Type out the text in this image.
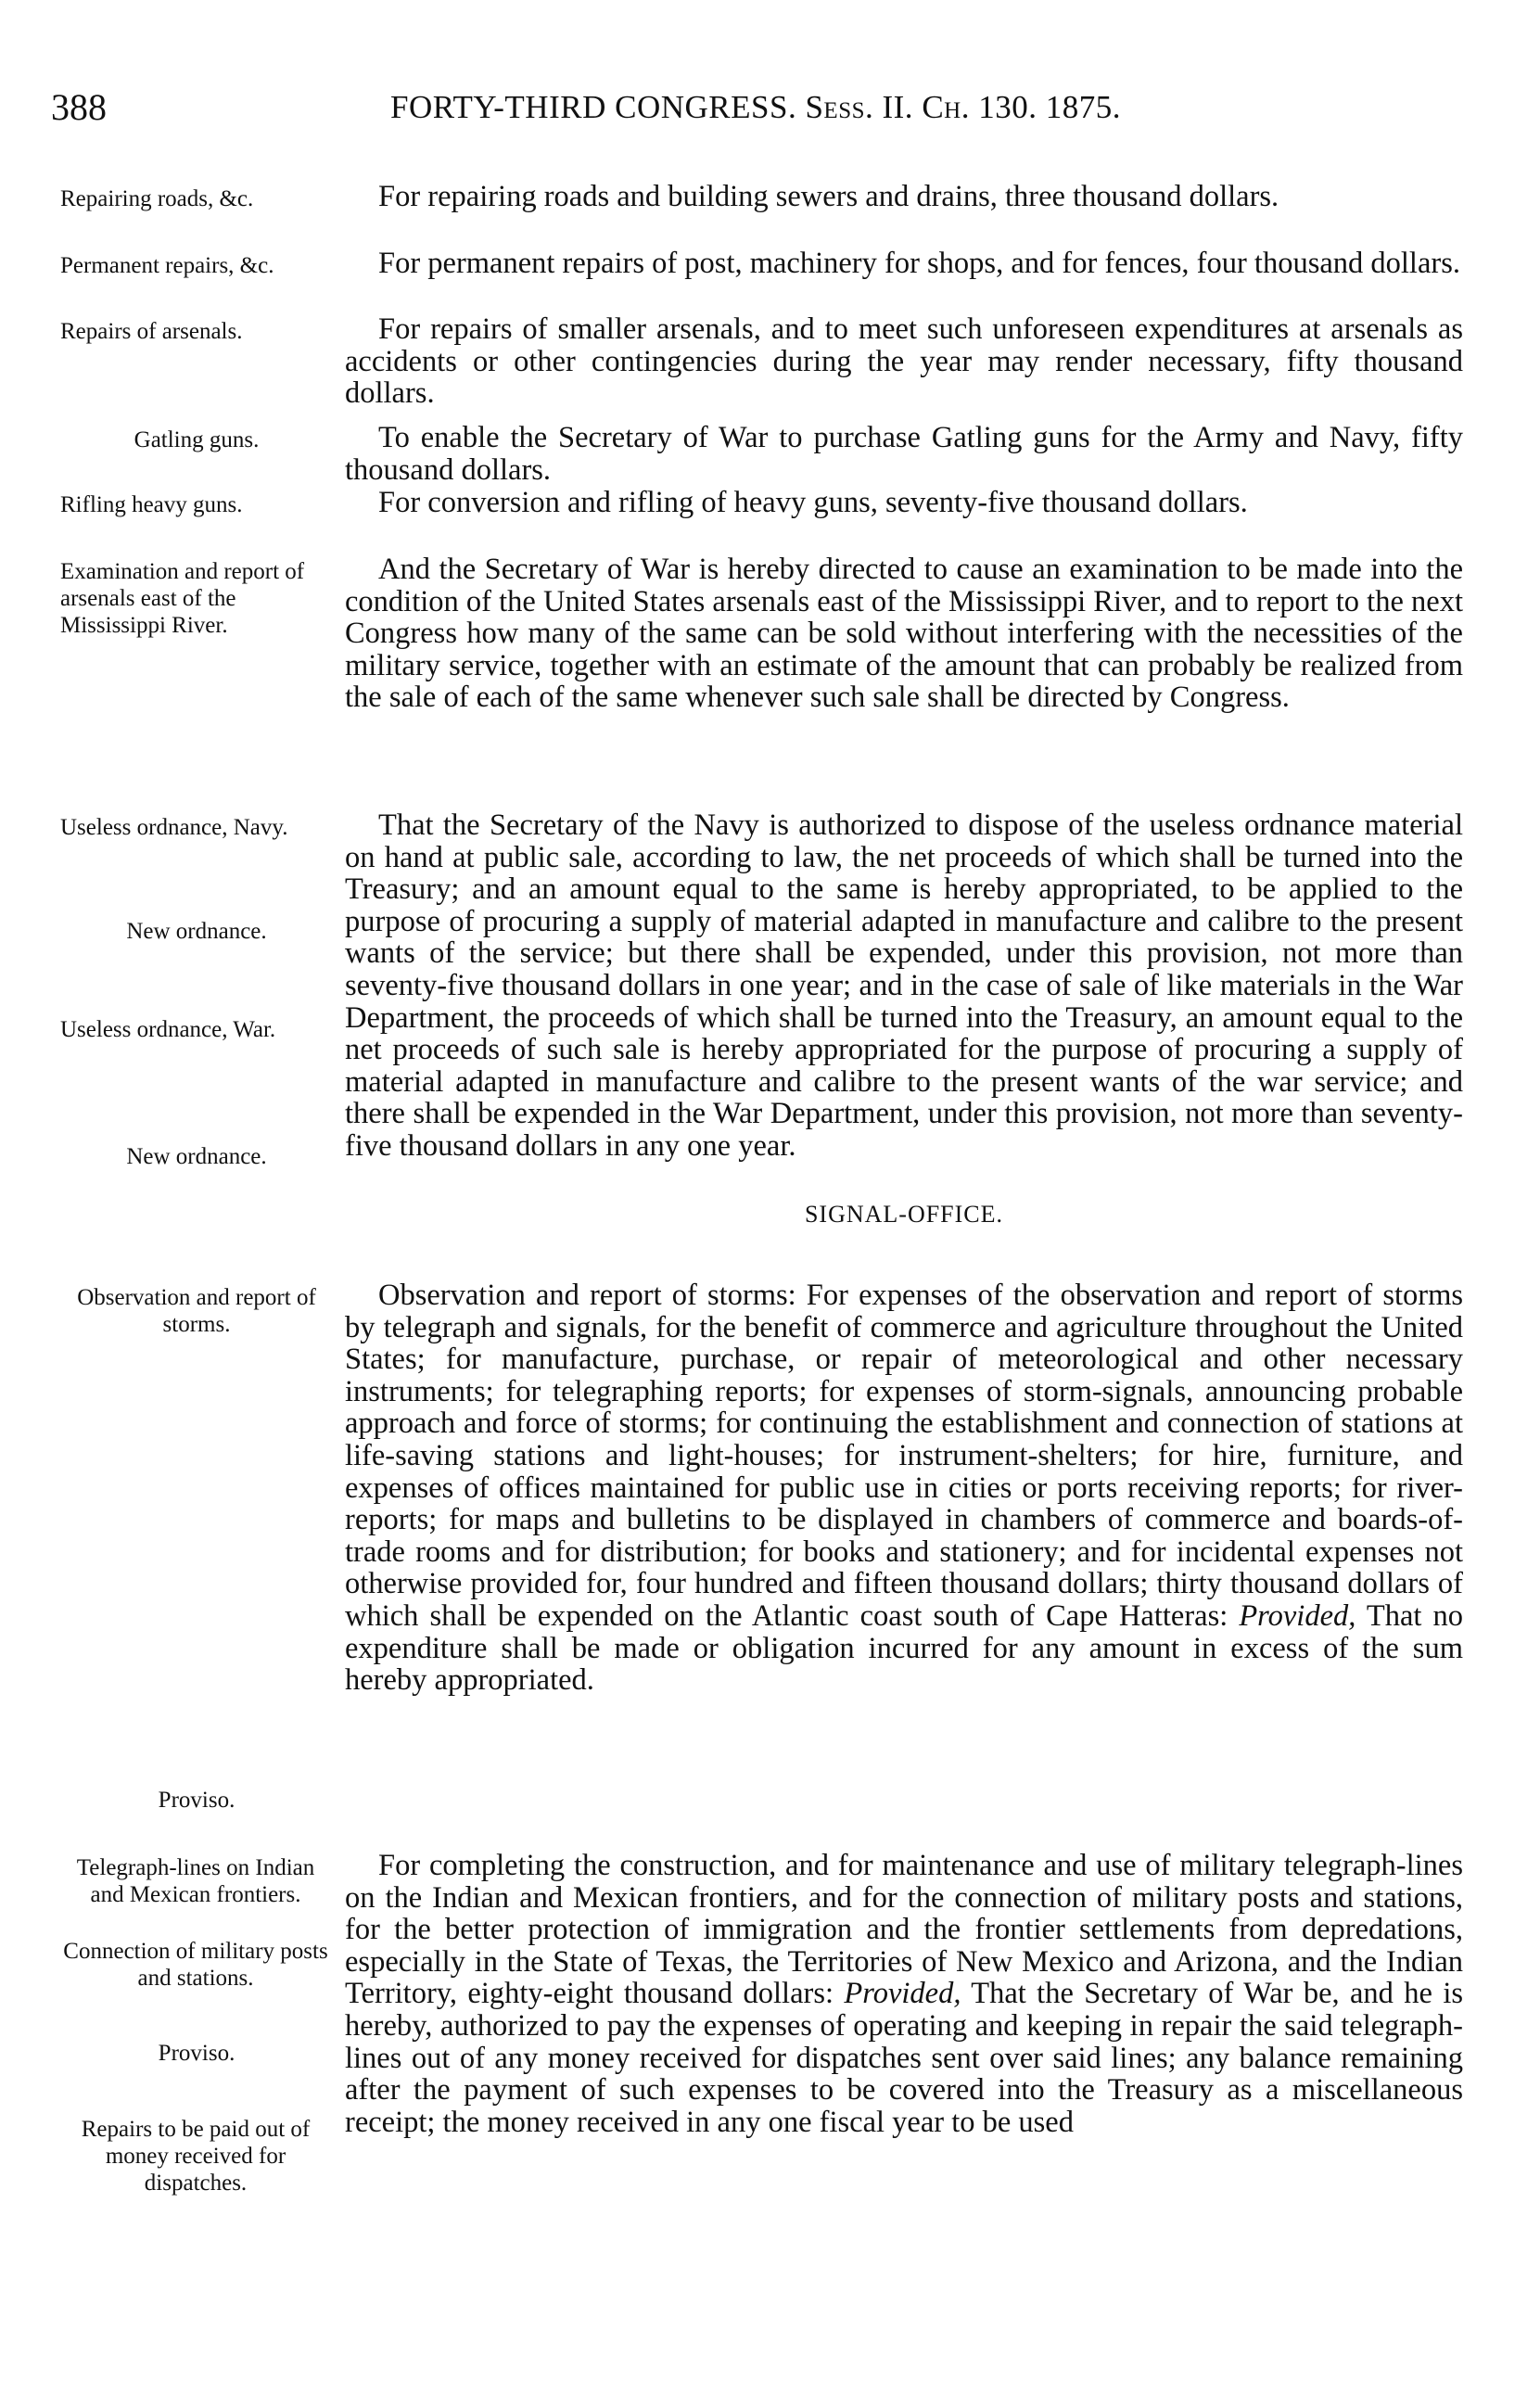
388	FORTY-THIRD CONGRESS. Sess. II. Ch. 130. 1875.
Repairing roads, &c.	For repairing roads and building sewers and drains, three thousand dollars.
Permanent repairs, &c.	For permanent repairs of post, machinery for shops, and for fences, four thousand dollars.
Repairs of arsenals.	For repairs of smaller arsenals, and to meet such unforeseen expenditures at arsenals as accidents or other contingencies during the year may render necessary, fifty thousand dollars.
Gatling guns.	To enable the Secretary of War to purchase Gatling guns for the Army and Navy, fifty thousand dollars.
Rifling heavy guns.	For conversion and rifling of heavy guns, seventy-five thousand dollars.
Examination and report of arsenals east of the Mississippi River.
And the Secretary of War is hereby directed to cause an examination to be made into the condition of the United States arsenals east of the Mississippi River, and to report to the next Congress how many of the same can be sold without interfering with the necessities of the military service, together with an estimate of the amount that can probably be realized from the sale of each of the same whenever such sale shall be directed by Congress.
Useless ordnance, Navy.
New ordnance.
Useless ordnance, War.
New ordnance.
That the Secretary of the Navy is authorized to dispose of the useless ordnance material on hand at public sale, according to law, the net proceeds of which shall be turned into the Treasury; and an amount equal to the same is hereby appropriated, to be applied to the purpose of procuring a supply of material adapted in manufacture and calibre to the present wants of the service; but there shall be expended, under this provision, not more than seventy-five thousand dollars in one year; and in the case of sale of like materials in the War Department, the proceeds of which shall be turned into the Treasury, an amount equal to the net proceeds of such sale is hereby appropriated for the purpose of procuring a supply of material adapted in manufacture and calibre to the present wants of the war service; and there shall be expended in the War Department, under this provision, not more than seventy-five thousand dollars in any one year.
SIGNAL-OFFICE.
Observation and report of storms.
Proviso.
Observation and report of storms: For expenses of the observation and report of storms by telegraph and signals, for the benefit of commerce and agriculture throughout the United States; for manufacture, purchase, or repair of meteorological and other necessary instruments; for telegraphing reports; for expenses of storm-signals, announcing probable approach and force of storms; for continuing the establishment and connection of stations at life-saving stations and light-houses; for instrument-shelters; for hire, furniture, and expenses of offices maintained for public use in cities or ports receiving reports; for river-reports; for maps and bulletins to be displayed in chambers of commerce and boards-of-trade rooms and for distribution; for books and stationery; and for incidental expenses not otherwise provided for, four hundred and fifteen thousand dollars; thirty thousand dollars of which shall be expended on the Atlantic coast south of Cape Hatteras: Provided, That no expenditure shall be made or obligation incurred for any amount in excess of the sum hereby appropriated.
Telegraph-lines on Indian and Mexican frontiers.
Connection of military posts and stations.
Proviso.
Repairs to be paid out of money received for dispatches.
For completing the construction, and for maintenance and use of military telegraph-lines on the Indian and Mexican frontiers, and for the connection of military posts and stations, for the better protection of immigration and the frontier settlements from depredations, especially in the State of Texas, the Territories of New Mexico and Arizona, and the Indian Territory, eighty-eight thousand dollars: Provided, That the Secretary of War be, and he is hereby, authorized to pay the expenses of operating and keeping in repair the said telegraph-lines out of any money received for dispatches sent over said lines; any balance remaining after the payment of such expenses to be covered into the Treasury as a miscellaneous receipt; the money received in any one fiscal year to be used
